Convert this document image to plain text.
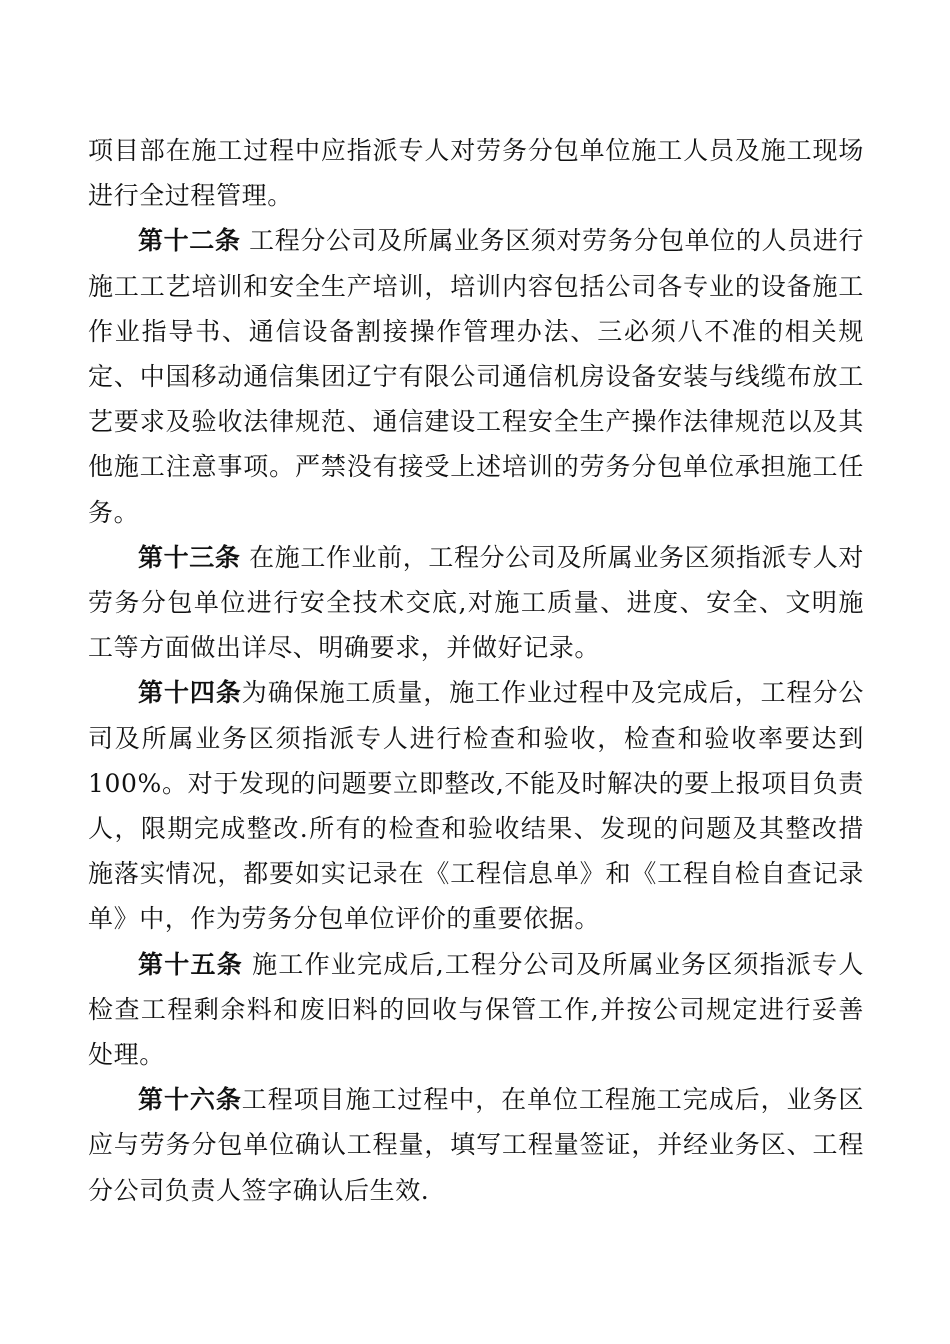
项目部在施工过程中应指派专人对劳务分包单位施工人员及施工现场进行全过程管理。

第十二条 工程分公司及所属业务区须对劳务分包单位的人员进行施工工艺培训和安全生产培训，培训内容包括公司各专业的设备施工作业指导书、通信设备割接操作管理办法、三必须八不准的相关规定、中国移动通信集团辽宁有限公司通信机房设备安装与线缆布放工艺要求及验收法律规范、通信建设工程安全生产操作法律规范以及其他施工注意事项。严禁没有接受上述培训的劳务分包单位承担施工任务。

第十三条 在施工作业前，工程分公司及所属业务区须指派专人对劳务分包单位进行安全技术交底,对施工质量、进度、安全、文明施工等方面做出详尽、明确要求，并做好记录。

第十四条为确保施工质量，施工作业过程中及完成后，工程分公司及所属业务区须指派专人进行检查和验收，检查和验收率要达到100%。对于发现的问题要立即整改,不能及时解决的要上报项目负责人，限期完成整改.所有的检查和验收结果、发现的问题及其整改措施落实情况，都要如实记录在《工程信息单》和《工程自检自查记录单》中，作为劳务分包单位评价的重要依据。

第十五条 施工作业完成后,工程分公司及所属业务区须指派专人检查工程剩余料和废旧料的回收与保管工作,并按公司规定进行妥善处理。

第十六条工程项目施工过程中，在单位工程施工完成后，业务区应与劳务分包单位确认工程量，填写工程量签证，并经业务区、工程分公司负责人签字确认后生效.
